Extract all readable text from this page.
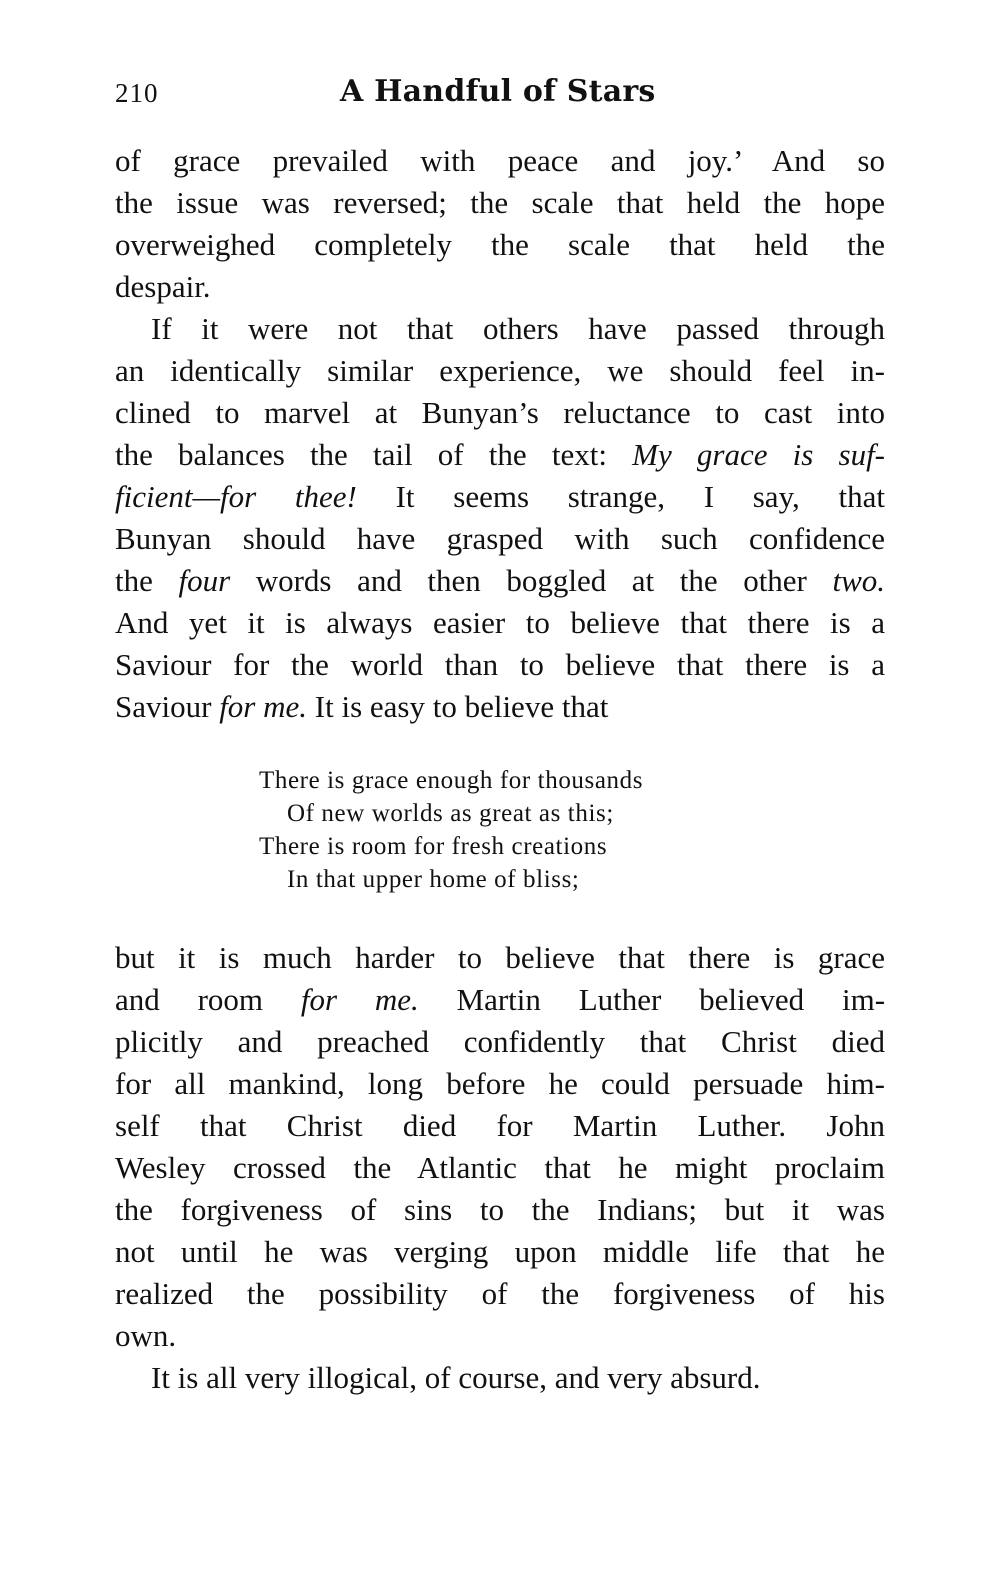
210	A Handful of Stars
of grace prevailed with peace and joy.’ And so
the issue was reversed; the scale that held the hope
overweighed completely the scale that held the
despair.
If it were not that others have passed through
an identically similar experience, we should feel in-
clined to marvel at Bunyan’s reluctance to cast into
the balances the tail of the text: My grace is suf-
ficient—for thee! It seems strange, I say, that
Bunyan should have grasped with such confidence
the four words and then boggled at the other two.
And yet it is always easier to believe that there is a
Saviour for the world than to believe that there is a
Saviour for me. It is easy to believe that
There is grace enough for thousands
Of new worlds as great as this;
There is room for fresh creations
In that upper home of bliss;
but it is much harder to believe that there is grace
and room for me. Martin Luther believed im-
plicitly and preached confidently that Christ died
for all mankind, long before he could persuade him-
self that Christ died for Martin Luther. John
Wesley crossed the Atlantic that he might proclaim
the forgiveness of sins to the Indians; but it was
not until he was verging upon middle life that he
realized the possibility of the forgiveness of his
own.
It is all very illogical, of course, and very absurd.
